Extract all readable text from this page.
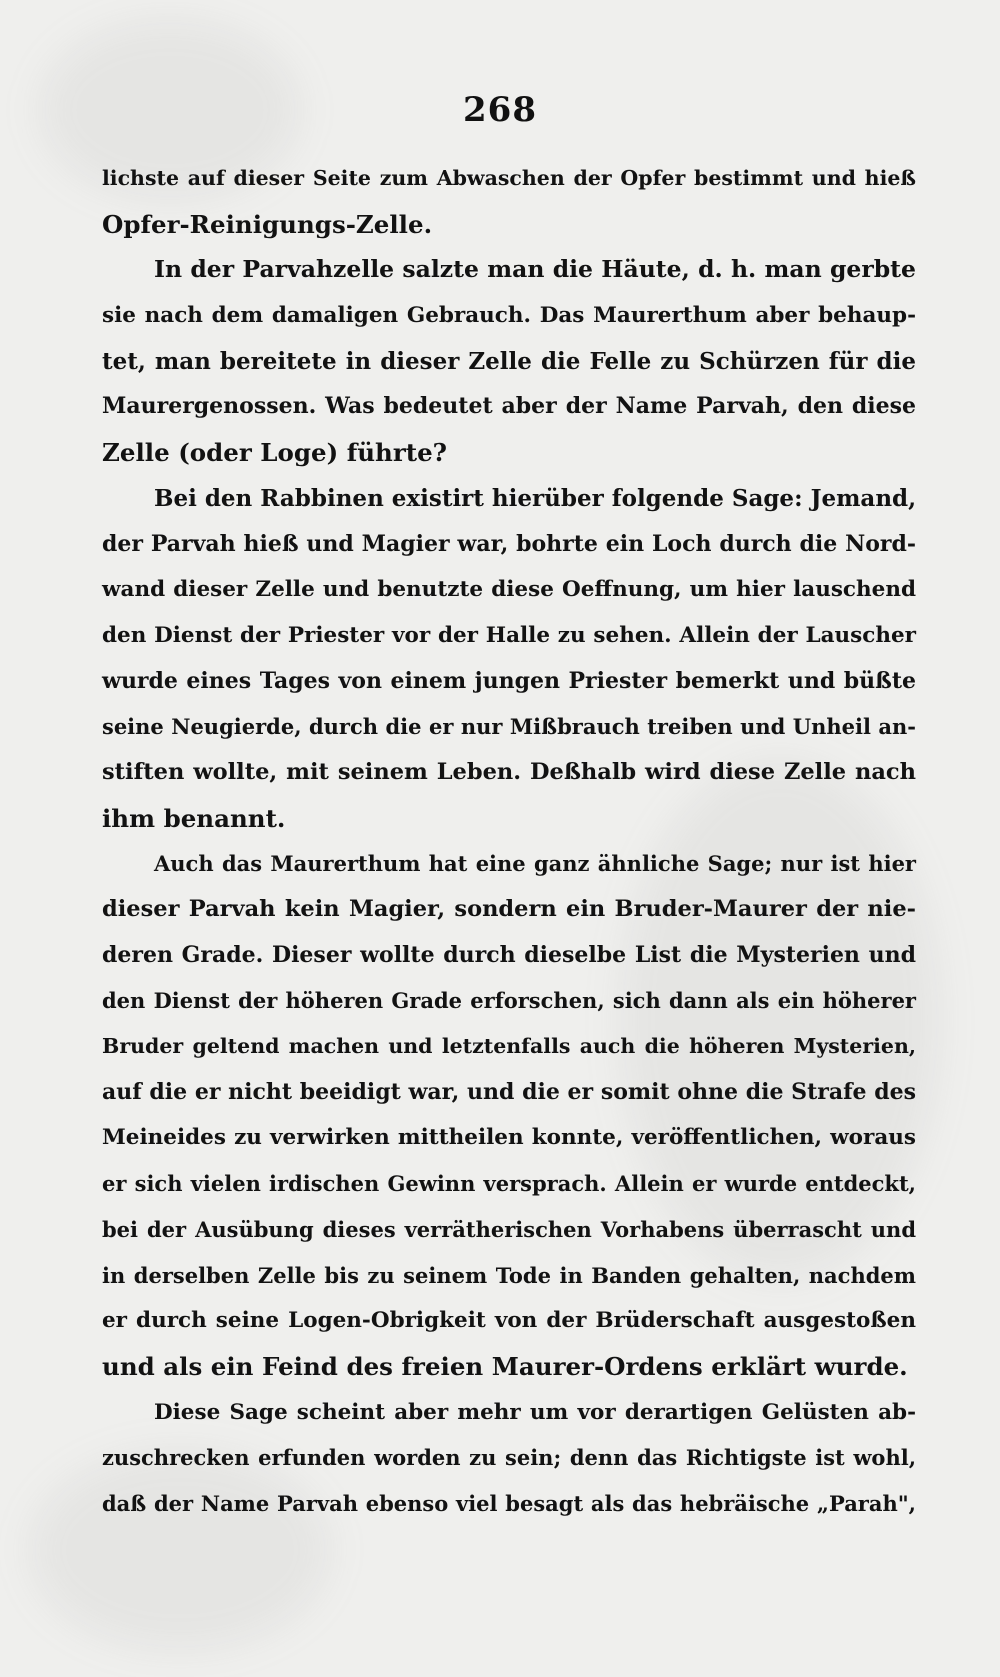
268
lichste auf dieser Seite zum Abwaschen der Opfer bestimmt und hieß
Opfer-Reinigungs-Zelle.
In der Parvahzelle salzte man die Häute, d. h. man gerbte
sie nach dem damaligen Gebrauch. Das Maurerthum aber behaup-
tet, man bereitete in dieser Zelle die Felle zu Schürzen für die
Maurergenossen. Was bedeutet aber der Name Parvah, den diese
Zelle (oder Loge) führte?
Bei den Rabbinen existirt hierüber folgende Sage: Jemand,
der Parvah hieß und Magier war, bohrte ein Loch durch die Nord-
wand dieser Zelle und benutzte diese Oeffnung, um hier lauschend
den Dienst der Priester vor der Halle zu sehen. Allein der Lauscher
wurde eines Tages von einem jungen Priester bemerkt und büßte
seine Neugierde, durch die er nur Mißbrauch treiben und Unheil an-
stiften wollte, mit seinem Leben. Deßhalb wird diese Zelle nach
ihm benannt.
Auch das Maurerthum hat eine ganz ähnliche Sage; nur ist hier
dieser Parvah kein Magier, sondern ein Bruder-Maurer der nie-
deren Grade. Dieser wollte durch dieselbe List die Mysterien und
den Dienst der höheren Grade erforschen, sich dann als ein höherer
Bruder geltend machen und letztenfalls auch die höheren Mysterien,
auf die er nicht beeidigt war, und die er somit ohne die Strafe des
Meineides zu verwirken mittheilen konnte, veröffentlichen, woraus
er sich vielen irdischen Gewinn versprach. Allein er wurde entdeckt,
bei der Ausübung dieses verrätherischen Vorhabens überrascht und
in derselben Zelle bis zu seinem Tode in Banden gehalten, nachdem
er durch seine Logen-Obrigkeit von der Brüderschaft ausgestoßen
und als ein Feind des freien Maurer-Ordens erklärt wurde.
Diese Sage scheint aber mehr um vor derartigen Gelüsten ab-
zuschrecken erfunden worden zu sein; denn das Richtigste ist wohl,
daß der Name Parvah ebenso viel besagt als das hebräische „Parah",
